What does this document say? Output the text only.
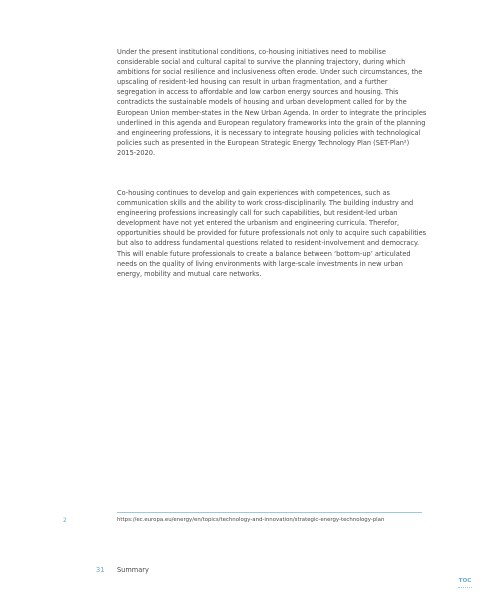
Under the present institutional conditions, co-housing initiatives need to mobilise considerable social and cultural capital to survive the planning trajectory, during which ambitions for social resilience and inclusiveness often erode. Under such circumstances, the upscaling of resident-led housing can result in urban fragmentation, and a further segregation in access to affordable and low carbon energy sources and housing. This contradicts the sustainable models of housing and urban development called for by the European Union member-states in the New Urban Agenda. In order to integrate the principles underlined in this agenda and European regulatory frameworks into the grain of the planning and engineering professions, it is necessary to integrate housing policies with technological policies such as presented in the European Strategic Energy Technology Plan (SET-Plan²) 2015-2020.

Co-housing continues to develop and gain experiences with competences, such as communication skills and the ability to work cross-disciplinarily. The building industry and engineering professions increasingly call for such capabilities, but resident-led urban development have not yet entered the urbanism and engineering curricula. Therefor, opportunities should be provided for future professionals not only to acquire such capabilities but also to address fundamental questions related to resident-involvement and democracy. This will enable future professionals to create a balance between ‘bottom-up’ articulated needs on the quality of living environments with large-scale investments in new urban energy, mobility and mutual care networks.

2	https://ec.europa.eu/energy/en/topics/technology-and-innovation/strategic-energy-technology-plan
31 Summary
TOC
